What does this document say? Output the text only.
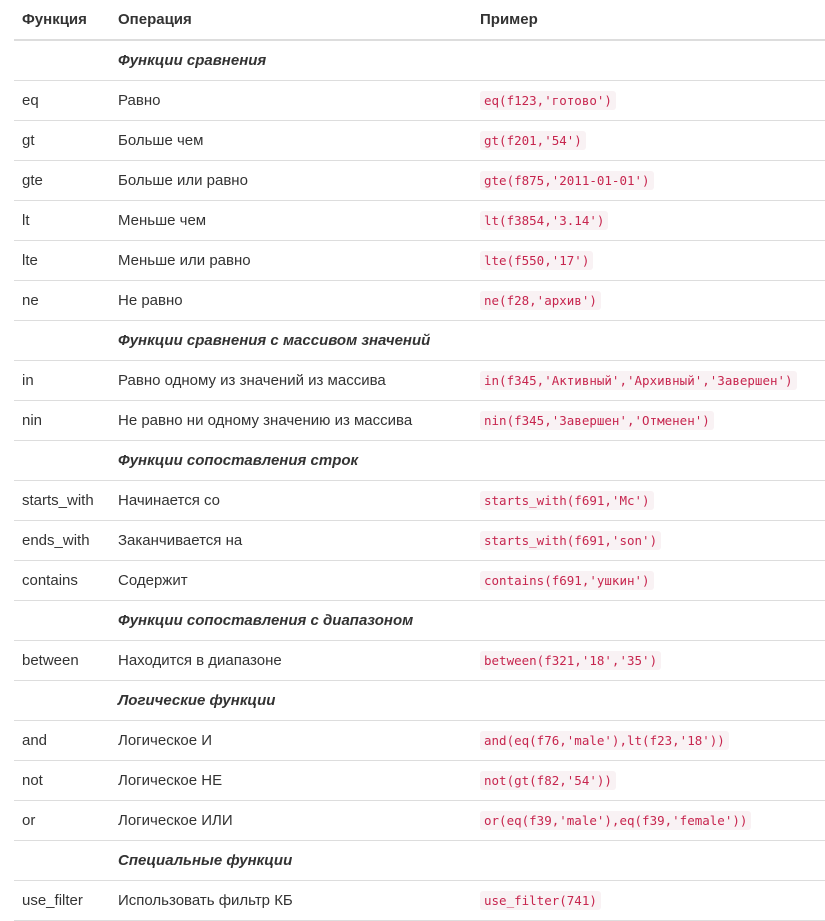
Функция	Операция	Пример
	Функции сравнения	
eq	Равно	eq(f123,'готово')
gt	Больше чем	gt(f201,'54')
gte	Больше или равно	gte(f875,'2011-01-01')
lt	Меньше чем	lt(f3854,'3.14')
lte	Меньше или равно	lte(f550,'17')
ne	Не равно	ne(f28,'архив')
	Функции сравнения с массивом значений	
in	Равно одному из значений из массива	in(f345,'Активный','Архивный','Завершен')
nin	Не равно ни одному значению из массива	nin(f345,'Завершен','Отменен')
	Функции сопоставления строк	
starts_with	Начинается со	starts_with(f691,'Mc')
ends_with	Заканчивается на	starts_with(f691,'son')
contains	Содержит	contains(f691,'ушкин')
	Функции сопоставления с диапазоном	
between	Находится в диапазоне	between(f321,'18','35')
	Логические функции	
and	Логическое И	and(eq(f76,'male'),lt(f23,'18'))
not	Логическое НЕ	not(gt(f82,'54'))
or	Логическое ИЛИ	or(eq(f39,'male'),eq(f39,'female'))
	Специальные функции	
use_filter	Использовать фильтр КБ	use_filter(741)
